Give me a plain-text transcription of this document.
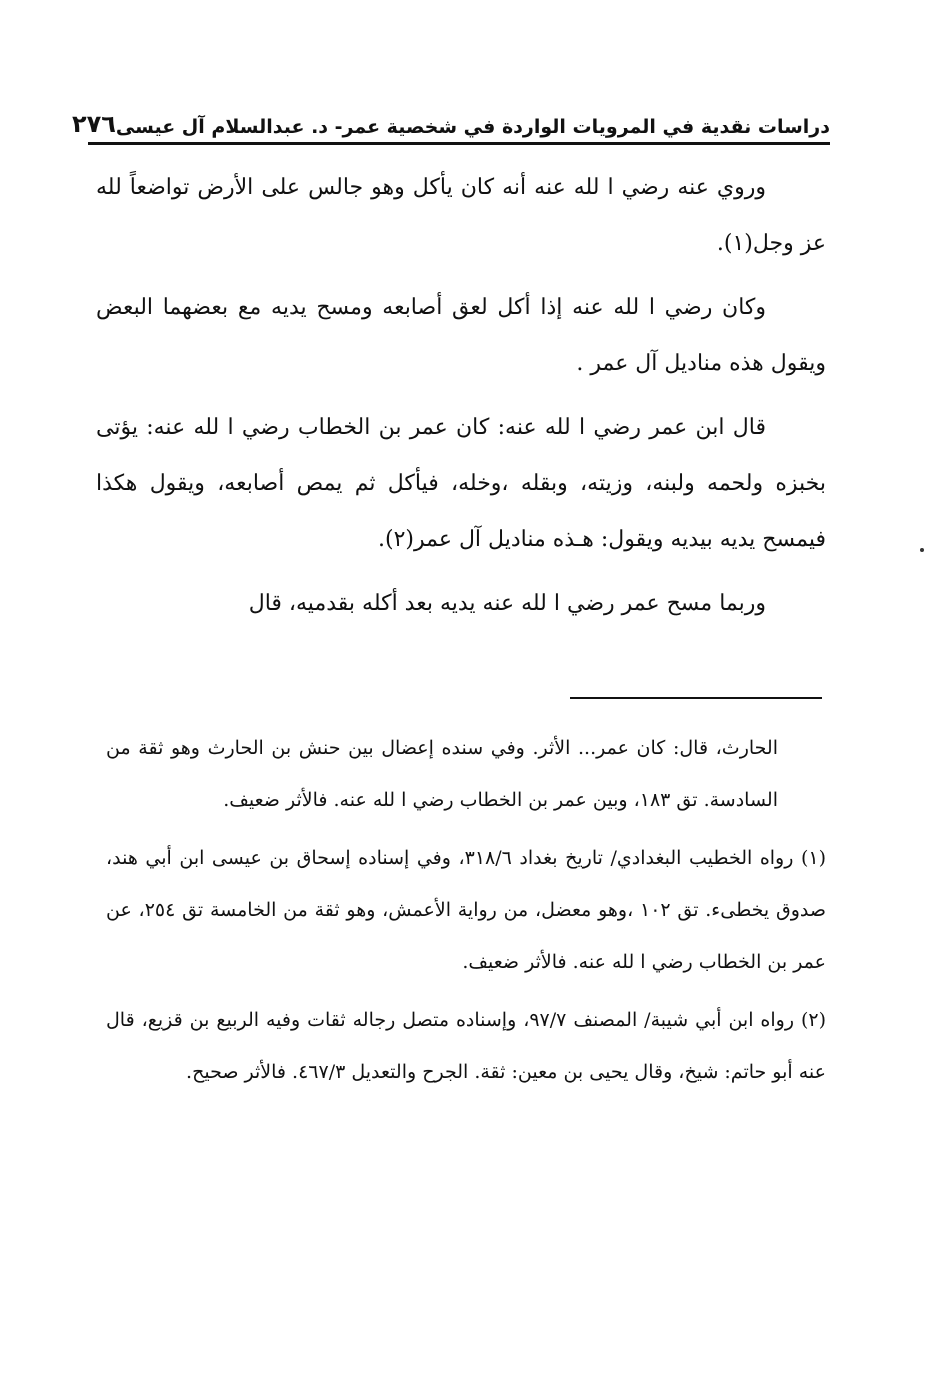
دراسات نقدية في المرويات الواردة في شخصية عمر- د. عبدالسلام آل عيسى
٢٧٦

وروي عنه رضي ا لله عنه أنه كان يأكل وهو جالس على الأرض تواضعاً لله عز وجل(١).

وكان رضي ا لله عنه إذا أكل لعق أصابعه ومسح يديه مع بعضهما البعض ويقول هذه مناديل آل عمر .

قال ابن عمر رضي ا لله عنه: كان عمر بن الخطاب رضي ا لله عنه: يؤتى بخبزه ولحمه ولبنه، وزيته، وبقله ،وخله، فيأكل ثم يمص أصابعه، ويقول هكذا فيمسح يديه بيديه ويقول: هـذه مناديل آل عمر(٢).

وربما مسح عمر رضي ا لله عنه يديه بعد أكله بقدميه، قال

الحارث، قال: كان عمر... الأثر. وفي سنده إعضال بين حنش بن الحارث وهو ثقة من السادسة. تق ١٨٣، وبين عمر بن الخطاب رضي ا لله عنه. فالأثر ضعيف.

(١) رواه الخطيب البغدادي/ تاريخ بغداد ٣١٨/٦، وفي إسناده إسحاق بن عيسى ابن أبي هند، صدوق يخطىء. تق ١٠٢ ،وهو معضل، من رواية الأعمش، وهو ثقة من الخامسة تق ٢٥٤، عن عمر بن الخطاب رضي ا لله عنه. فالأثر ضعيف.

(٢) رواه ابن أبي شيبة/ المصنف ٩٧/٧، وإسناده متصل رجاله ثقات وفيه الربيع بن قزيع، قال عنه أبو حاتم: شيخ، وقال يحيى بن معين: ثقة. الجرح والتعديل ٤٦٧/٣. فالأثر صحيح.
